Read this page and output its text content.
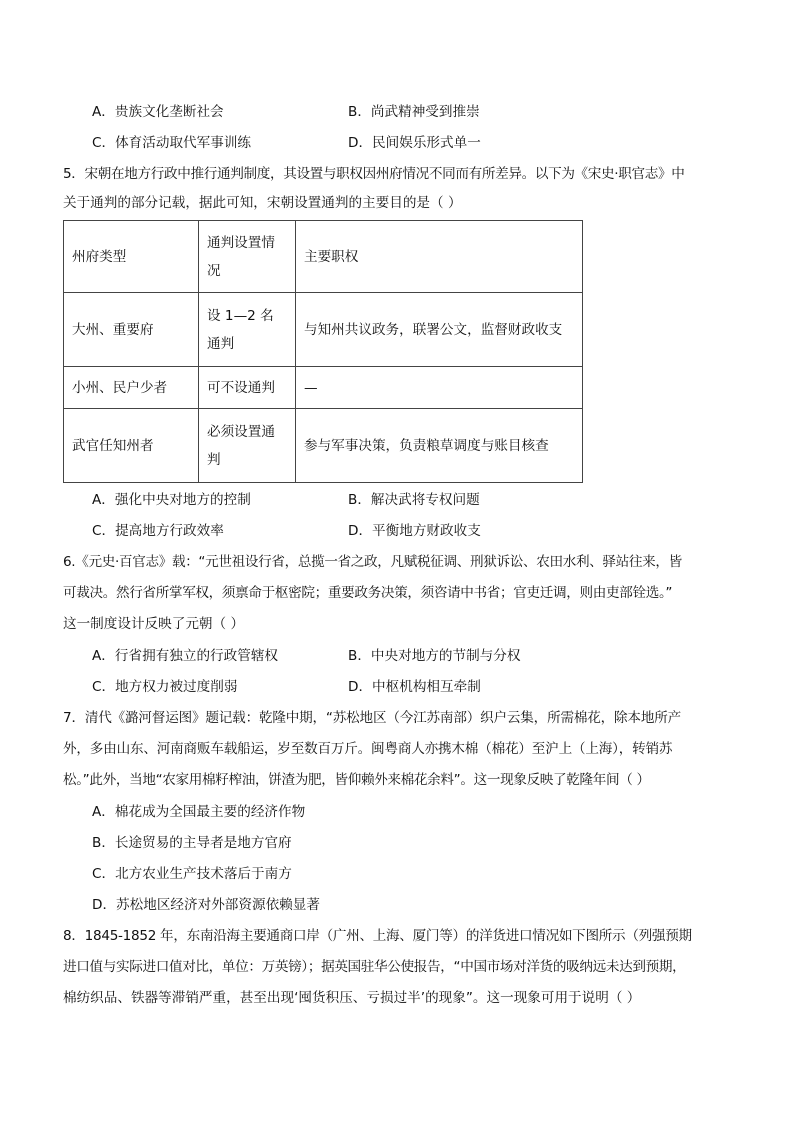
A．贵族文化垄断社会	B．尚武精神受到推崇
C．体育活动取代军事训练	D．民间娱乐形式单一
5．宋朝在地方行政中推行通判制度，其设置与职权因州府情况不同而有所差异。以下为《宋史·职官志》中
关于通判的部分记载，据此可知，宋朝设置通判的主要目的是（ ）
州府类型	通判设置情况	主要职权
大州、重要府	设 1—2 名通判	与知州共议政务，联署公文，监督财政收支
小州、民户少者	可不设通判	—
武官任知州者	必须设置通判	参与军事决策，负责粮草调度与账目核查
A．强化中央对地方的控制	B．解决武将专权问题
C．提高地方行政效率	D．平衡地方财政收支
6.《元史·百官志》载：“元世祖设行省，总揽一省之政，凡赋税征调、刑狱诉讼、农田水利、驿站往来，皆
可裁决。然行省所掌军权，须禀命于枢密院；重要政务决策，须咨请中书省；官吏迁调，则由吏部铨选。”
这一制度设计反映了元朝（ ）
A．行省拥有独立的行政管辖权	B．中央对地方的节制与分权
C．地方权力被过度削弱	D．中枢机构相互牵制
7．清代《潞河督运图》题记载：乾隆中期，“苏松地区（今江苏南部）织户云集，所需棉花，除本地所产
外，多由山东、河南商贩车载船运，岁至数百万斤。闽粤商人亦携木棉（棉花）至沪上（上海），转销苏
松。”此外，当地“农家用棉籽榨油，饼渣为肥，皆仰赖外来棉花余料”。这一现象反映了乾隆年间（ ）
A．棉花成为全国最主要的经济作物
B．长途贸易的主导者是地方官府
C．北方农业生产技术落后于南方
D．苏松地区经济对外部资源依赖显著
8．1845-1852 年，东南沿海主要通商口岸（广州、上海、厦门等）的洋货进口情况如下图所示（列强预期
进口值与实际进口值对比，单位：万英镑）；据英国驻华公使报告，“中国市场对洋货的吸纳远未达到预期，
棉纺织品、铁器等滞销严重，甚至出现‘囤货积压、亏损过半’的现象”。这一现象可用于说明（ ）
